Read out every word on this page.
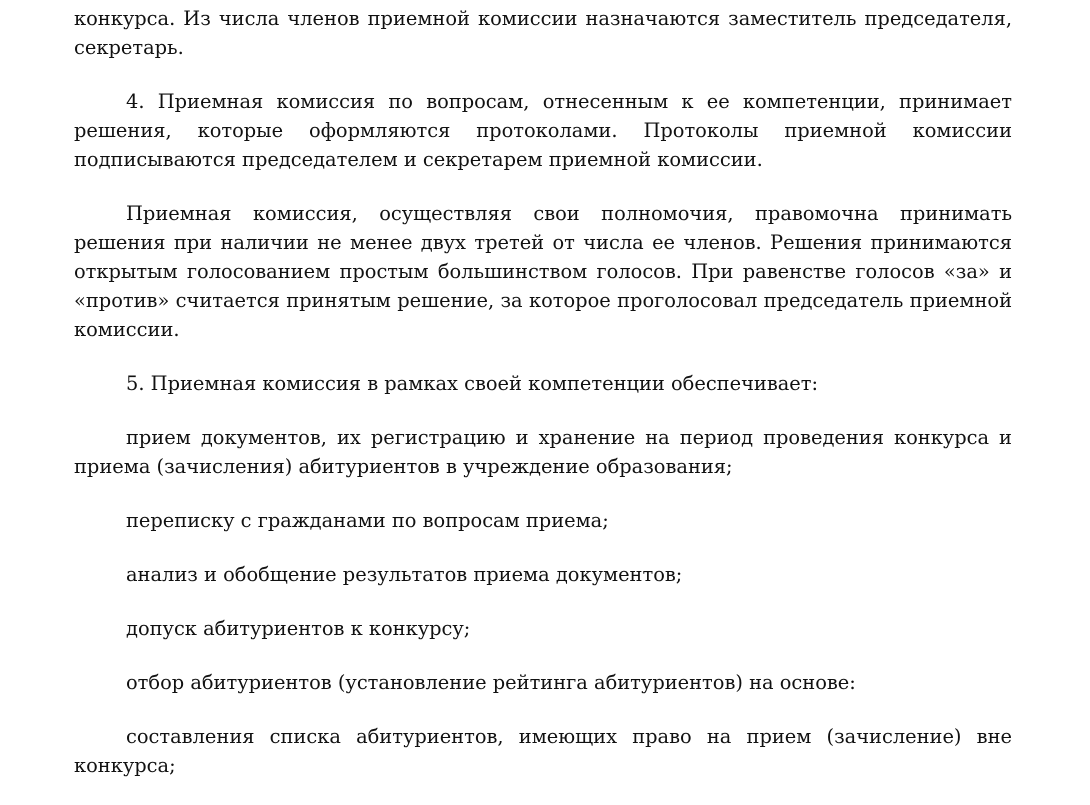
конкурса. Из числа членов приемной комиссии назначаются заместитель председателя, секретарь.

4. Приемная комиссия по вопросам, отнесенным к ее компетенции, принимает решения, которые оформляются протоколами. Протоколы приемной комиссии подписываются председателем и секретарем приемной комиссии.

Приемная комиссия, осуществляя свои полномочия, правомочна принимать решения при наличии не менее двух третей от числа ее членов. Решения принимаются открытым голосованием простым большинством голосов. При равенстве голосов «за» и «против» считается принятым решение, за которое проголосовал председатель приемной комиссии.

5. Приемная комиссия в рамках своей компетенции обеспечивает:

прием документов, их регистрацию и хранение на период проведения конкурса и приема (зачисления) абитуриентов в учреждение образования;

переписку с гражданами по вопросам приема;

анализ и обобщение результатов приема документов;

допуск абитуриентов к конкурсу;

отбор абитуриентов (установление рейтинга абитуриентов) на основе:

составления списка абитуриентов, имеющих право на прием (зачисление) вне конкурса;
